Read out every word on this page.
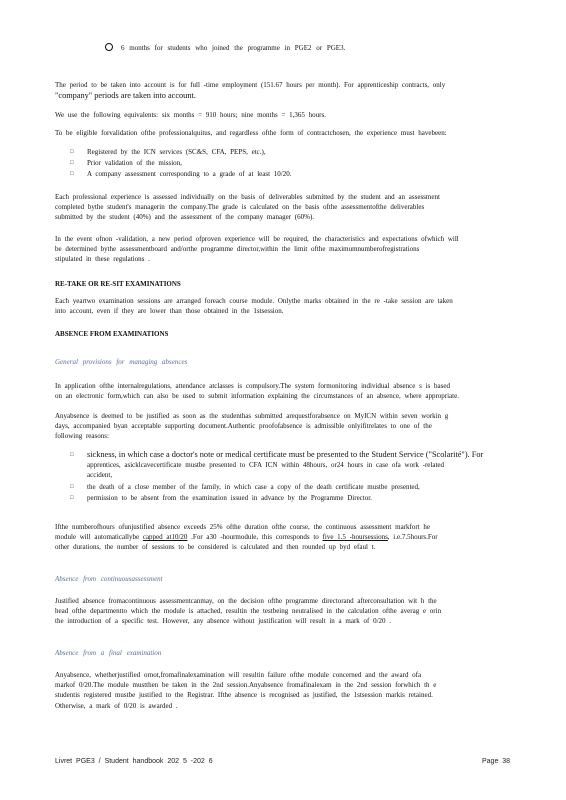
6 months for students who joined the programme in PGE2 or PGE3.
The period to be taken into account is for full -time employment (151.67 hours per month). For apprenticeship contracts, only
"company" periods are taken into account.
We use the following equivalents: six months = 910 hours; nine months = 1,365 hours.
To be eligible forvalidation ofthe professionalquitus, and regardless ofthe form of contractchosen, the experience must havebeen:
□ Registered by the ICN services (SC&S, CFA, PEPS, etc.),
□ Prior validation of the mission,
□ A company assessment corresponding to a grade of at least 10/20.
Each professional experience is assessed individually on the basis of deliverables submitted by the student and an assessment
completed bythe student's managerin the company.The grade is calculated on the basis ofthe assessmentofthe deliverables
submitted by the student (40%) and the assessment of the company manager (60%).
In the event ofnon -validation, a new period ofproven experience will be required, the characteristics and expectations ofwhich will
be determined bythe assessmentboard and/orthe programme director,within the limit ofthe maximumnumberofregistrations
stipulated in these regulations .
RE-TAKE OR RE-SIT EXAMINATIONS
Each yeartwo examination sessions are arranged foreach course module. Onlythe marks obtained in the re -take session are taken
into account, even if they are lower than those obtained in the 1stsession.
ABSENCE FROM EXAMINATIONS
General provisions for managing absences
In application ofthe internalregulations, attendance atclasses is compulsory.The system formonitoring individual absence s is based
on an electronic form,which can also be used to submit information explaining the circumstances of an absence, where appropriate.
Anyabsence is deemed to be justified as soon as the studenthas submitted arequestforabsence on MyICN within seven workin g
days, accompanied byan acceptable supporting document.Authentic proofofabsence is admissible onlyifitrelates to one of the
following reasons:
□ sickness, in which case a doctor's note or medical certificate must be presented to the Student Service ("Scolarité"). For
apprentices, asicklcavecertificate mustbe presented to CFA ICN within 48hours, or24 hours in case ofa work -related
accident,
□ the death of a close member of the family, in which case a copy of the death certificate mustbe presented,
□ permission to be absent from the examination issued in advance by the Programme Director.
Ifthe numberofhours ofunjustified absence exceeds 25% ofthe duration ofthe course, the continuous assessment markfort he
module will automaticallybe capped at10/20 .For a30 -hourmodule, this corresponds to five 1.5 -hoursessions, i.e.7.5hours.For
other durations, the number of sessions to be considered is calculated and then rounded up byd efaul t.
Absence from continuousassessment
Justified absence fromacontinuous assessmentcanmay, on the decision ofthe programme directorand afterconsultation wit h the
head ofthe departmentto which the module is attached, resultin the testbeing neutralised in the calculation ofthe averag e orin
the introduction of a specific test. However, any absence without justification will result in a mark of 0/20 .
Absence from a final examination
Anyabsence, whetherjustified ornot,fromafinalexamination will resultin failure ofthe module concerned and the award ofa
markof 0/20.The module mustthen be taken in the 2nd session.Anyabsence fromafinalexam in the 2nd session forwhich th e
studentis registered mustbe justified to the Registrar. Ifthe absence is recognised as justified, the 1stsession markis retained.
Otherwise, a mark of 0/20 is awarded .
Livret PGE3 / Student handbook 202 5 -202 6	Page 38
